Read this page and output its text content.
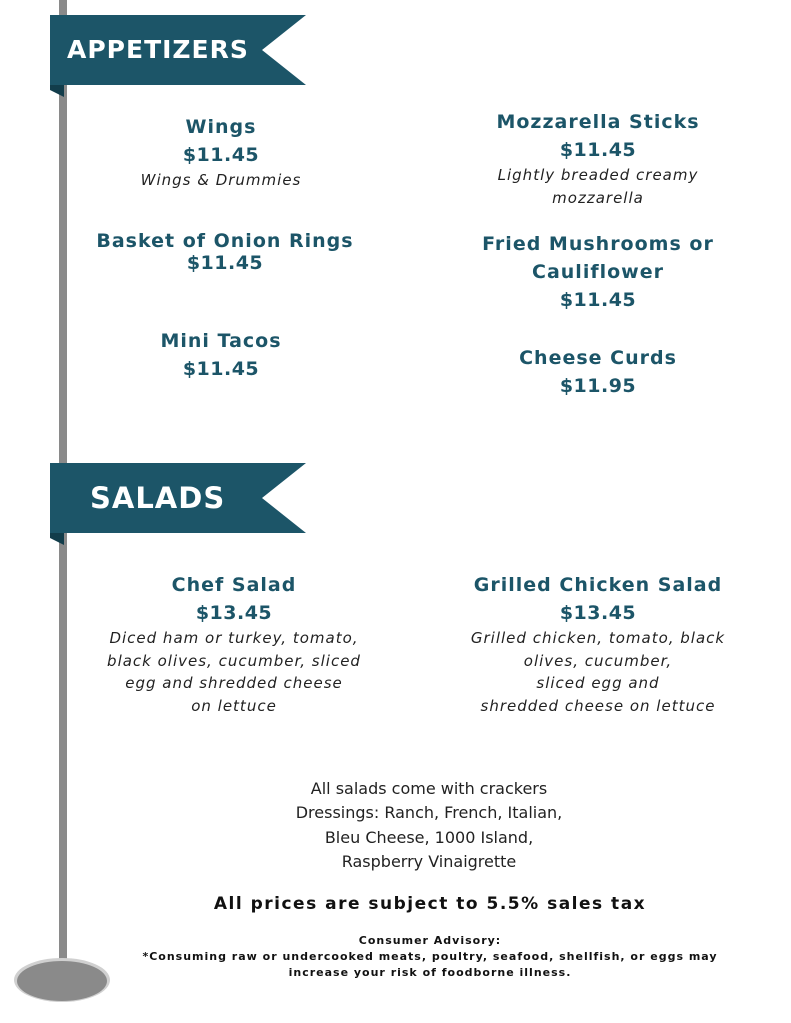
APPETIZERS
Wings
$11.45
Wings & Drummies
Mozzarella Sticks
$11.45
Lightly breaded creamy
mozzarella
Basket of Onion Rings
$11.45
Fried Mushrooms or
Cauliflower
$11.45
Mini Tacos
$11.45	Cheese Curds
$11.95
SALADS
Chef Salad
$13.45
Diced ham or turkey, tomato,
black olives, cucumber, sliced
egg and shredded cheese
on lettuce
Grilled Chicken Salad
$13.45
Grilled chicken, tomato, black
olives, cucumber,
sliced egg and
shredded cheese on lettuce
All salads come with crackers
Dressings: Ranch, French, Italian,
Bleu Cheese, 1000 Island,
Raspberry Vinaigrette
All prices are subject to 5.5% sales tax
Consumer Advisory:
*Consuming raw or undercooked meats, poultry, seafood, shellfish, or eggs may
increase your risk of foodborne illness.
